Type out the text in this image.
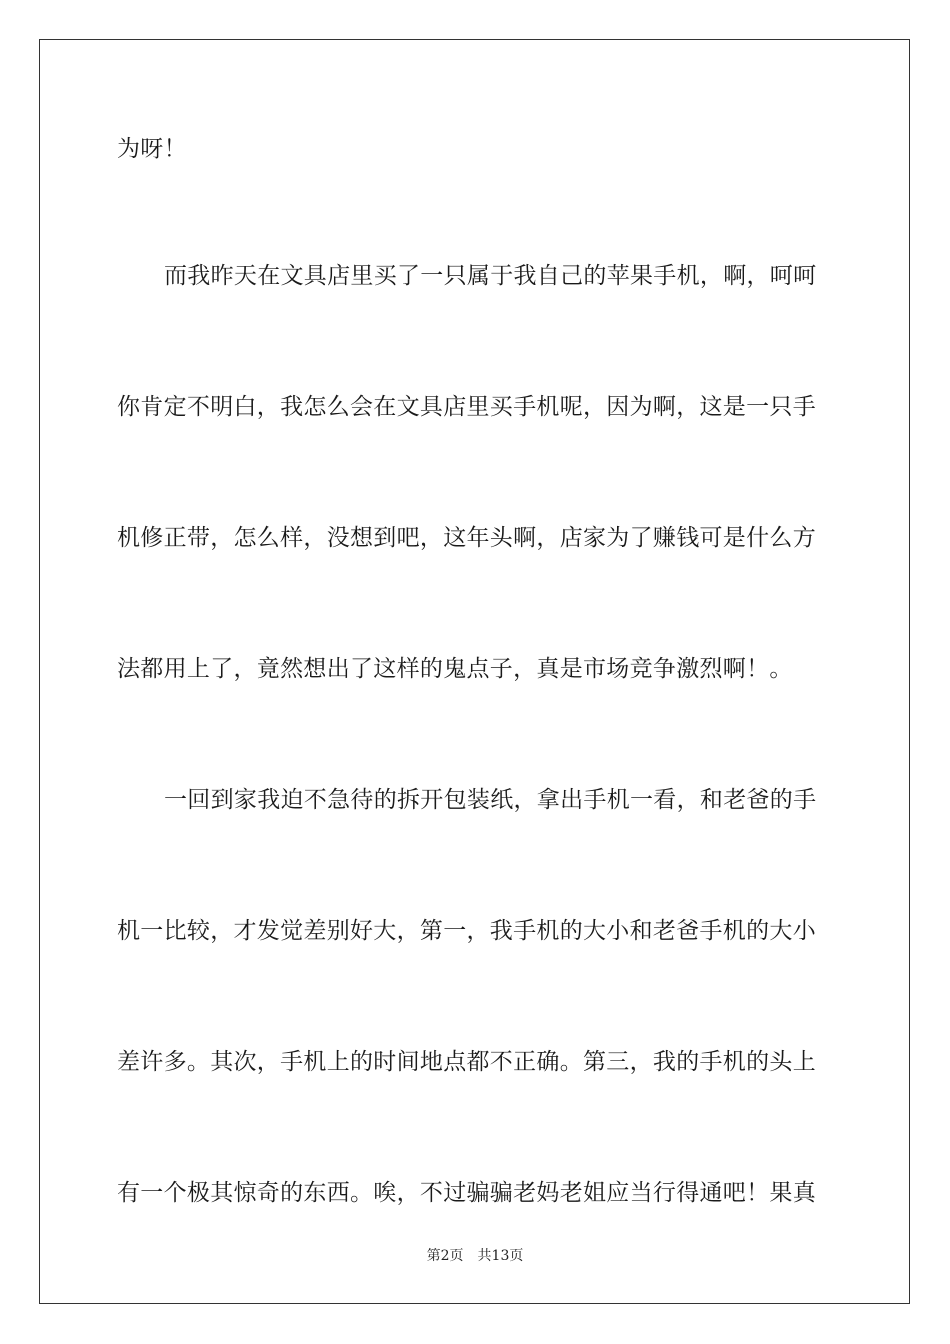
为呀！
而我昨天在文具店里买了一只属于我自己的苹果手机，啊，呵呵
你肯定不明白，我怎么会在文具店里买手机呢，因为啊，这是一只手
机修正带，怎么样，没想到吧，这年头啊，店家为了赚钱可是什么方
法都用上了，竟然想出了这样的鬼点子，真是市场竞争激烈啊！。
一回到家我迫不急待的拆开包装纸，拿出手机一看，和老爸的手
机一比较，才发觉差别好大，第一，我手机的大小和老爸手机的大小
差许多。其次，手机上的时间地点都不正确。第三，我的手机的头上
有一个极其惊奇的东西。唉，不过骗骗老妈老姐应当行得通吧！果真
第2页 共13页
